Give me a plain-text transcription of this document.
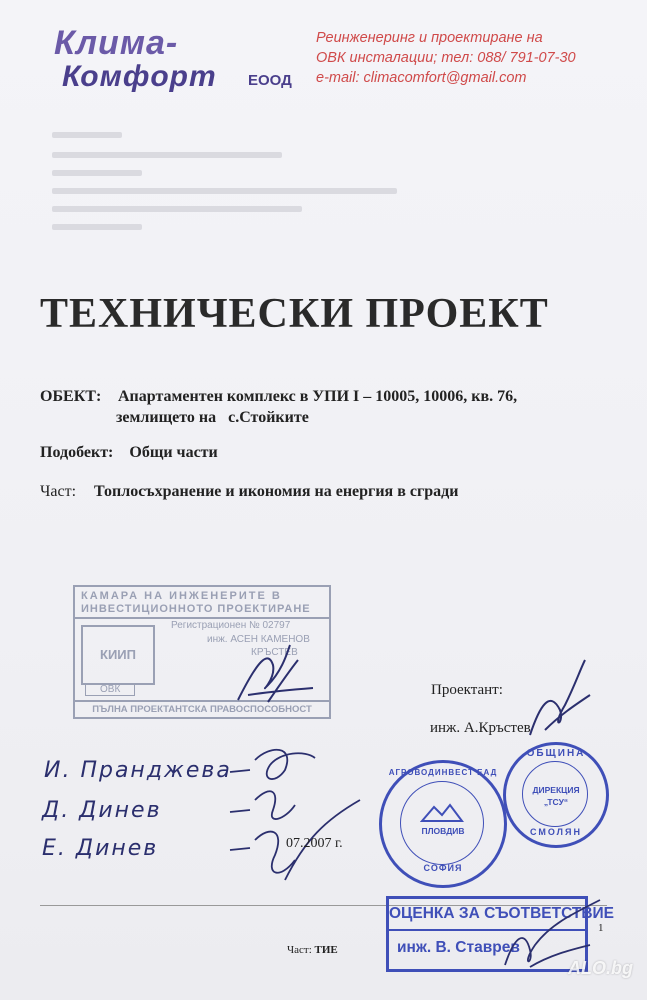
Клима-
Комфорт ЕООД
Реинженеринг и проектиране на
ОВК инсталации; тел: 088/ 791-07-30
e-mail: climacomfort@gmail.com
ТЕХНИЧЕСКИ ПРОЕКТ
ОБЕКТ: Апартаментен комплекс в УПИ I – 10005, 10006, кв. 76,
землището на с.Стойките
Подобект: Общи части
Част: Топлосъхранение и икономия на енергия в сгради
КАМАРА НА ИНЖЕНЕРИТЕ В
ИНВЕСТИЦИОННОТО ПРОЕКТИРАНЕ
Регистрационен № 02797
инж. АСЕН КАМЕНОВ
КРЪСТЕВ
КИИП
ОВК
ПЪЛНА ПРОЕКТАНТСКА ПРАВОСПОСОБНОСТ
Проектант:
инж. А.Кръстев
И. Пранджева
Д. Динев
Е. Динев	07.2007 г.
АГРОВОДИНВЕСТ ЕАД
ПЛОВДИВ
СОФИЯ
ОБЩИНА
ДИРЕКЦИЯ
„ТСУ“
СМОЛЯН
ОЦЕНКА ЗА СЪОТВЕТСТВИЕ
инж. В. Ставрев
Част: ТИЕ
1
ALO.bg
